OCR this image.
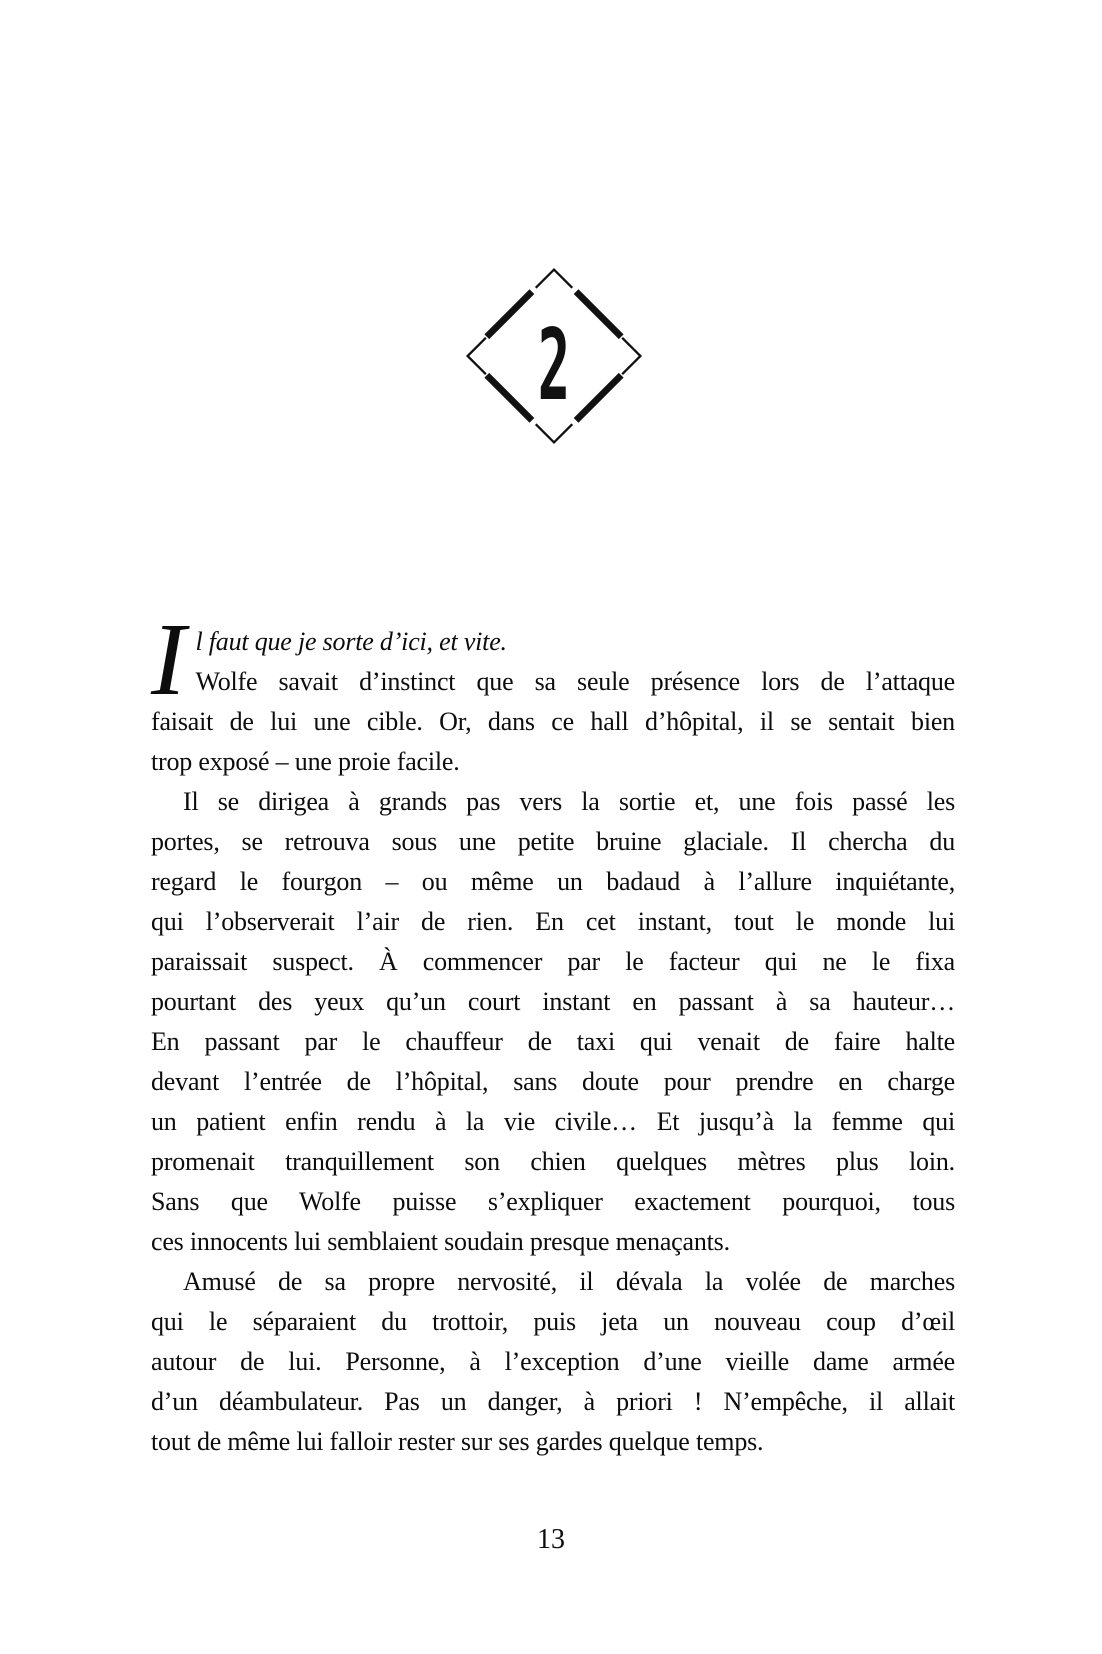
2
I l faut que je sorte d’ici, et vite.
Wolfe savait d’instinct que sa seule présence lors de l’attaque
faisait de lui une cible. Or, dans ce hall d’hôpital, il se sentait bien
trop exposé – une proie facile.
Il se dirigea à grands pas vers la sortie et, une fois passé les
portes, se retrouva sous une petite bruine glaciale. Il chercha du
regard le fourgon – ou même un badaud à l’allure inquiétante,
qui l’observerait l’air de rien. En cet instant, tout le monde lui
paraissait suspect. À commencer par le facteur qui ne le fixa
pourtant des yeux qu’un court instant en passant à sa hauteur…
En passant par le chauffeur de taxi qui venait de faire halte
devant l’entrée de l’hôpital, sans doute pour prendre en charge
un patient enfin rendu à la vie civile… Et jusqu’à la femme qui
promenait tranquillement son chien quelques mètres plus loin.
Sans que Wolfe puisse s’expliquer exactement pourquoi, tous
ces innocents lui semblaient soudain presque menaçants.
Amusé de sa propre nervosité, il dévala la volée de marches
qui le séparaient du trottoir, puis jeta un nouveau coup d’œil
autour de lui. Personne, à l’exception d’une vieille dame armée
d’un déambulateur. Pas un danger, à priori ! N’empêche, il allait
tout de même lui falloir rester sur ses gardes quelque temps.
13
